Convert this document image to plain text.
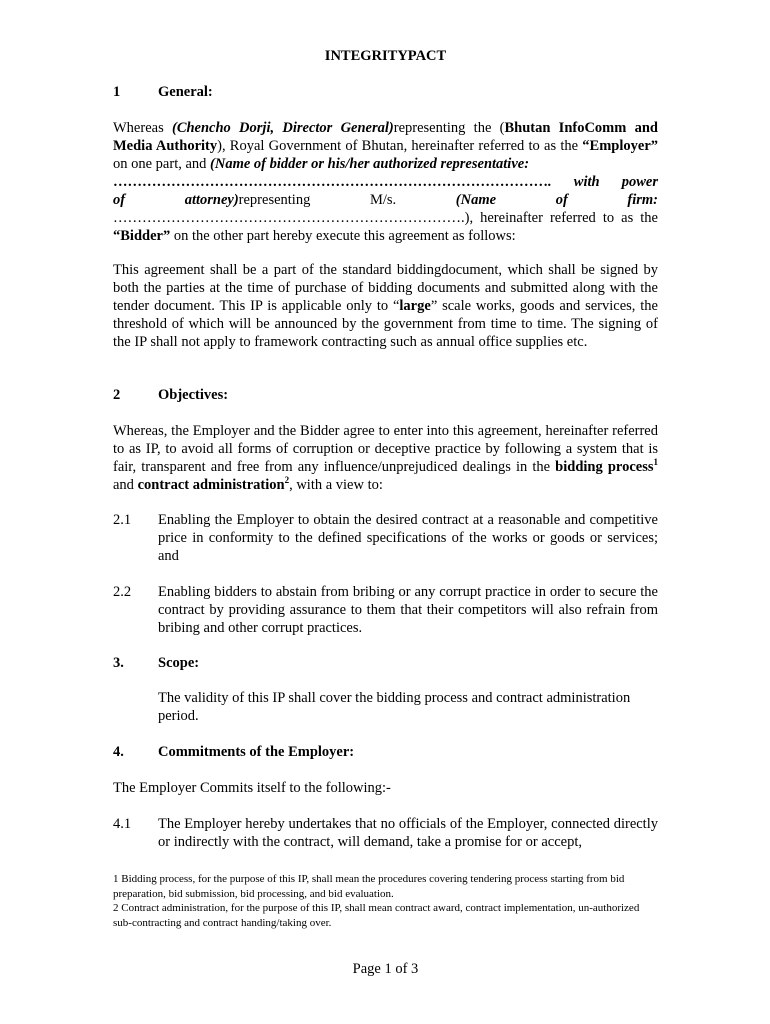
INTEGRITYPACT
1	General:
Whereas (Chencho Dorji, Director General)representing the (Bhutan InfoComm and Media Authority), Royal Government of Bhutan, hereinafter referred to as the “Employer” on one part, and (Name of bidder or his/her authorized representative:
………………………………………………………………………………. with power
of attorney)representing M/s. (Name of firm:
……………………………………………………………….), hereinafter referred to as the “Bidder” on the other part hereby execute this agreement as follows:
This agreement shall be a part of the standard biddingdocument, which shall be signed by both the parties at the time of purchase of bidding documents and submitted along with the tender document. This IP is applicable only to “large” scale works, goods and services, the threshold of which will be announced by the government from time to time. The signing of the IP shall not apply to framework contracting such as annual office supplies etc.
2	Objectives:
Whereas, the Employer and the Bidder agree to enter into this agreement, hereinafter referred to as IP, to avoid all forms of corruption or deceptive practice by following a system that is fair, transparent and free from any influence/unprejudiced dealings in the bidding process$^1$ and contract administration$^2$, with a view to:
2.1 Enabling the Employer to obtain the desired contract at a reasonable and competitive price in conformity to the defined specifications of the works or goods or services; and
2.2 Enabling bidders to abstain from bribing or any corrupt practice in order to secure the contract by providing assurance to them that their competitors will also refrain from bribing and other corrupt practices.
3. Scope:
The validity of this IP shall cover the bidding process and contract administration period.
4. Commitments of the Employer:
The Employer Commits itself to the following:-
4.1 The Employer hereby undertakes that no officials of the Employer, connected directly or indirectly with the contract, will demand, take a promise for or accept,
1 Bidding process, for the purpose of this IP, shall mean the procedures covering tendering process starting from bid preparation, bid submission, bid processing, and bid evaluation.
2 Contract administration, for the purpose of this IP, shall mean contract award, contract implementation, un-authorized sub-contracting and contract handing/taking over.
Page 1 of 3
